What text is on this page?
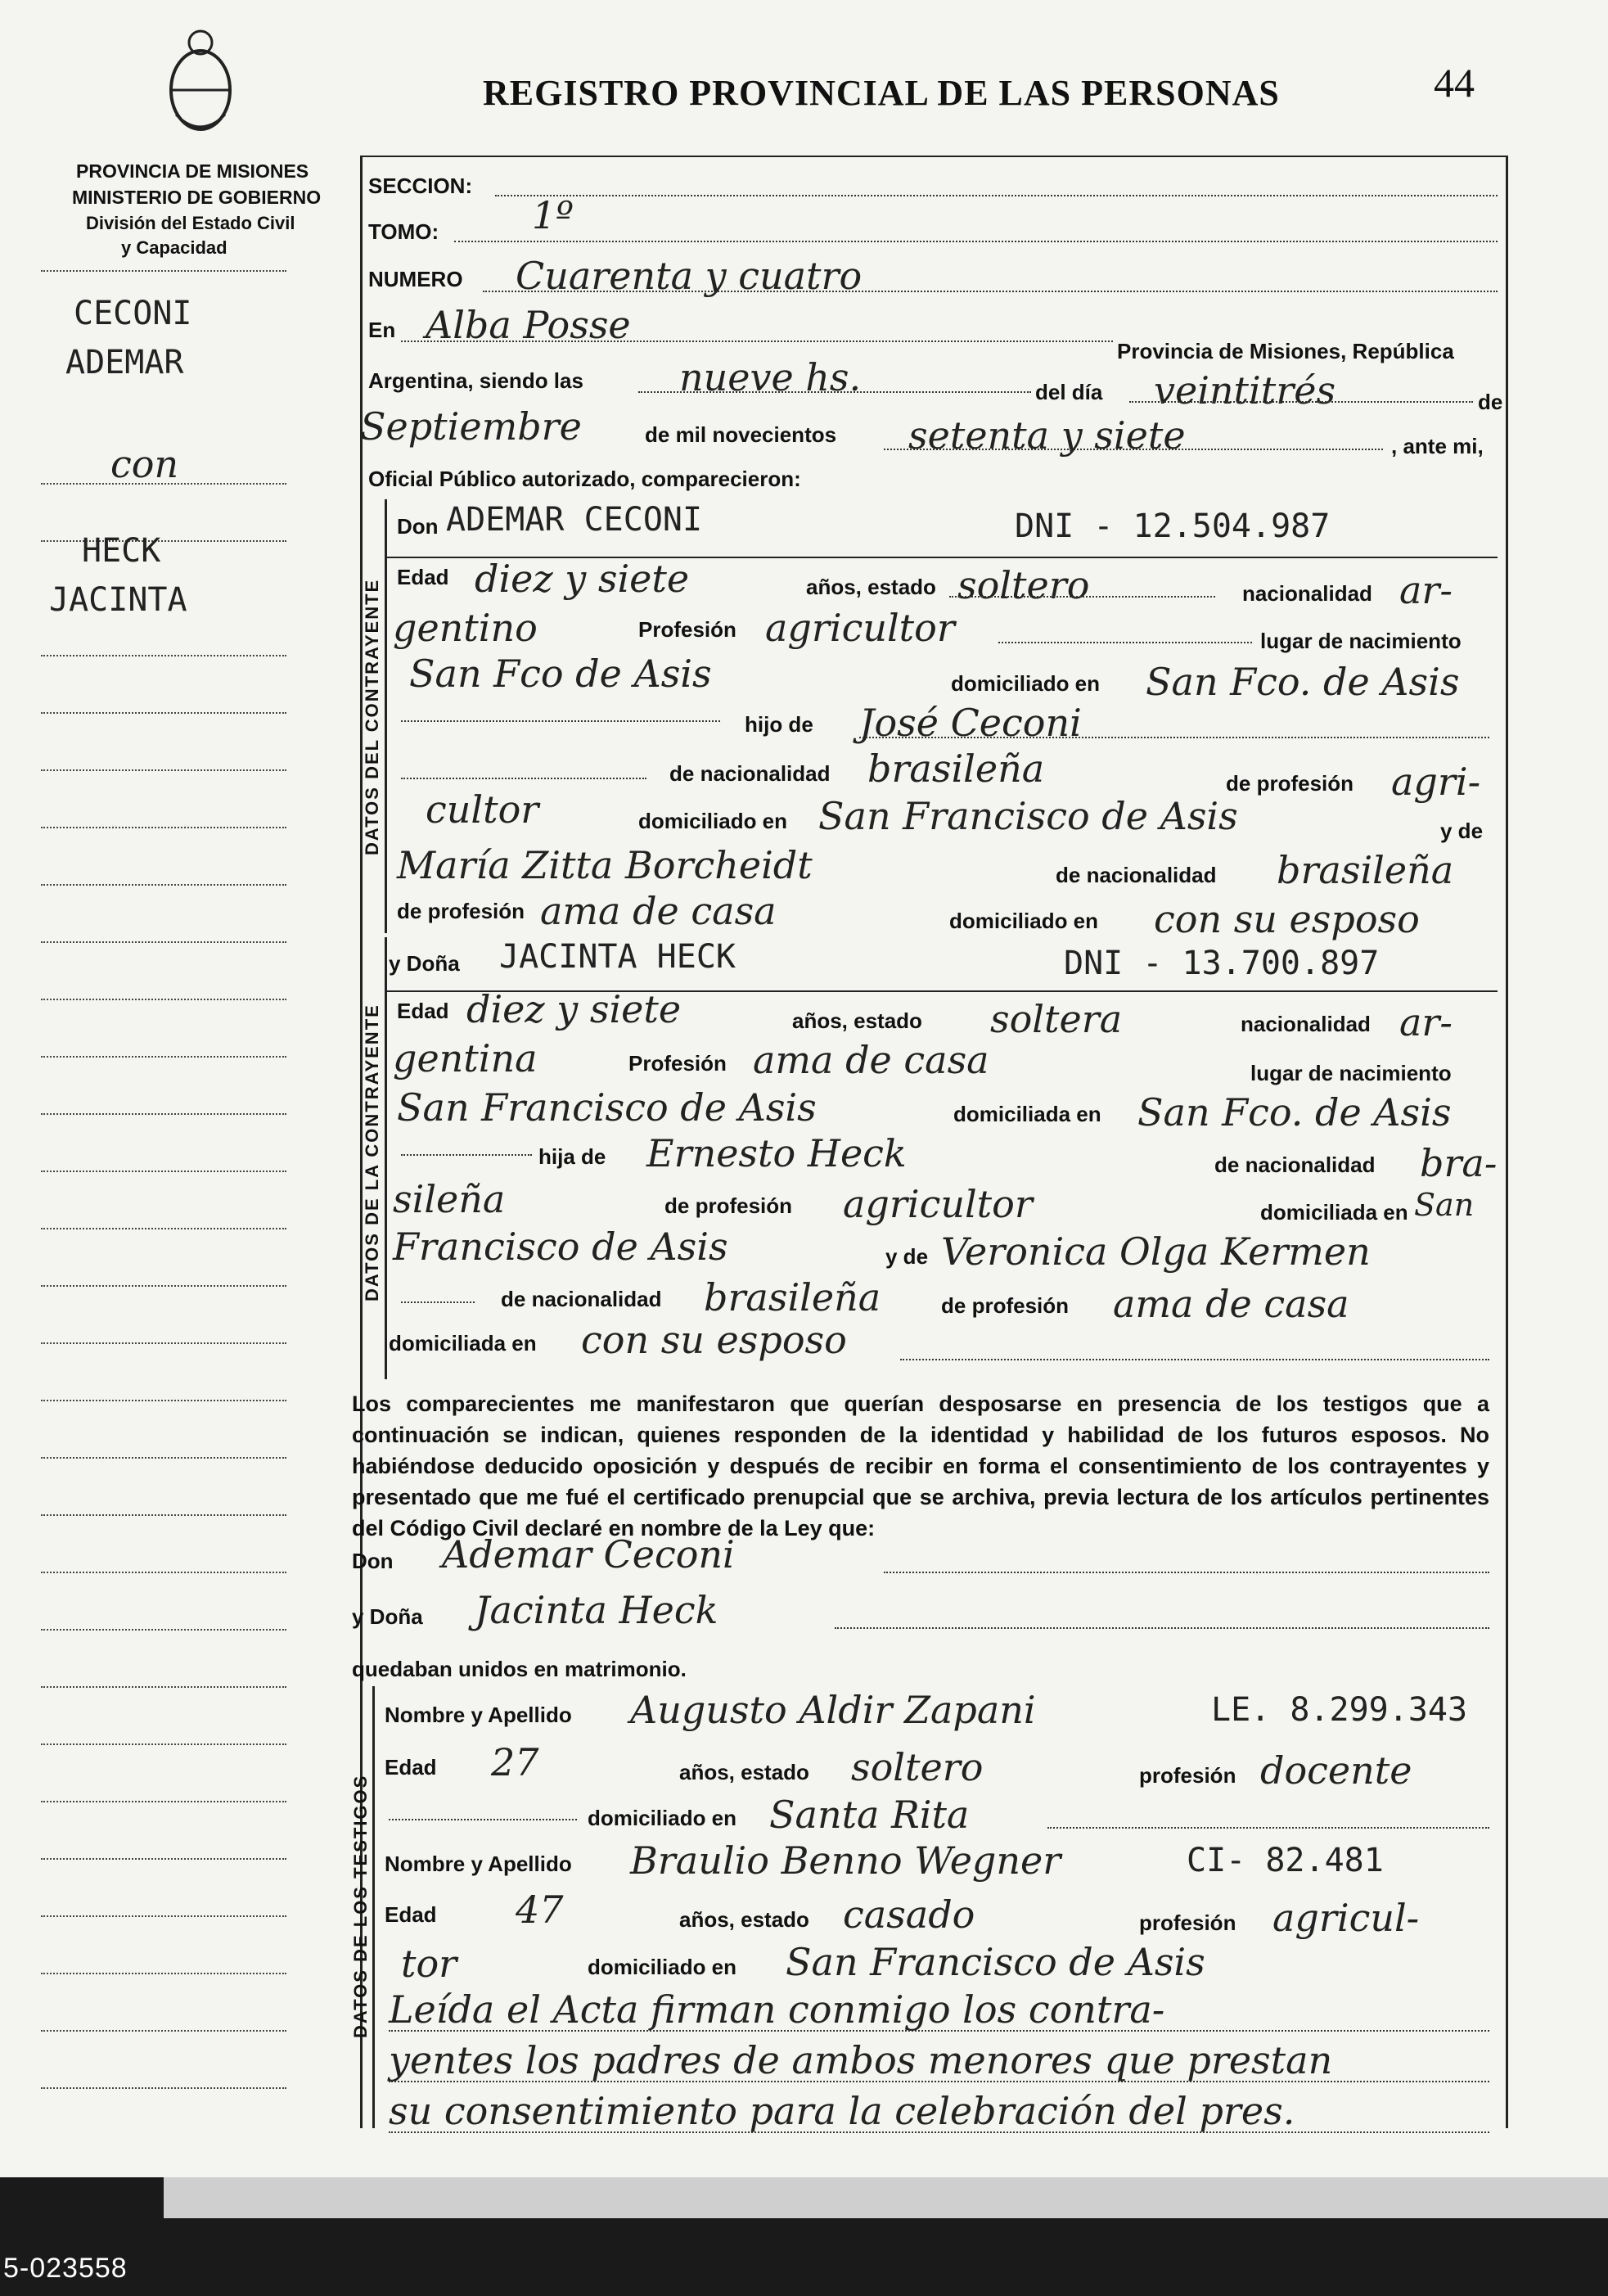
REGISTRO PROVINCIAL DE LAS PERSONAS	44
PROVINCIA DE MISIONES
MINISTERIO DE GOBIERNO
División del Estado Civil
y Capacidad
CECONI
ADEMAR
con
HECK
JACINTA
SECCION:
TOMO: 1º
NUMERO Cuarenta y cuatro
En Alba Posse
Provincia de Misiones, República
Argentina, siendo las	nueve hs.	del día veintitrés	de
Septiembre	de mil novecientos setenta y siete	, ante mi,
Oficial Público autorizado, comparecieron:
DATOS DEL CONTRAYENTE
Don ADEMAR CECONI	DNI - 12.504.987
Edad diez y siete	años, estado soltero	nacionalidad ar-
gentino	Profesión agricultor	lugar de nacimiento
San Fco de Asis	domiciliado en San Fco. de Asis
hijo de José Ceconi
de nacionalidad brasileña	de profesión agri-
cultor	domiciliado en San Francisco de Asis	y de
María Zitta Borcheidt	de nacionalidad brasileña
de profesión ama de casa	domiciliado en con su esposo
DATOS DE LA CONTRAYENTE
y Doña JACINTA HECK	DNI - 13.700.897
Edad diez y siete	años, estado soltera	nacionalidad ar-
gentina	Profesión ama de casa	lugar de nacimiento
San Francisco de Asis	domiciliada en San Fco. de Asis
hija de Ernesto Heck	de nacionalidad bra-
sileña	de profesión agricultor	domiciliada en San
Francisco de Asis	y de Veronica Olga Kermen
de nacionalidad brasileña	de profesión ama de casa
domiciliada en con su esposo
Los comparecientes me manifestaron que querían desposarse en presencia de los testigos que a continuación se indican, quienes responden de la identidad y habilidad de los futuros esposos. No habiéndose deducido oposición y después de recibir en forma el consentimiento de los contrayentes y presentado que me fué el certificado prenupcial que se archiva, previa lectura de los artículos pertinentes del Código Civil declaré en nombre de la Ley que:
Don Ademar Ceconi
y Doña Jacinta Heck
quedaban unidos en matrimonio.
DATOS DE LOS TESTIGOS
Nombre y Apellido Augusto Aldir Zapani	LE. 8.299.343
Edad 27	años, estado soltero	profesión docente
domiciliado en Santa Rita
Nombre y Apellido Braulio Benno Wegner	CI- 82.481
Edad 47	años, estado casado	profesión agricul-
tor	domiciliado en San Francisco de Asis
Leída el Acta firman conmigo los contra-
yentes los padres de ambos menores que prestan
su consentimiento para la celebración del pres.
5-023558
